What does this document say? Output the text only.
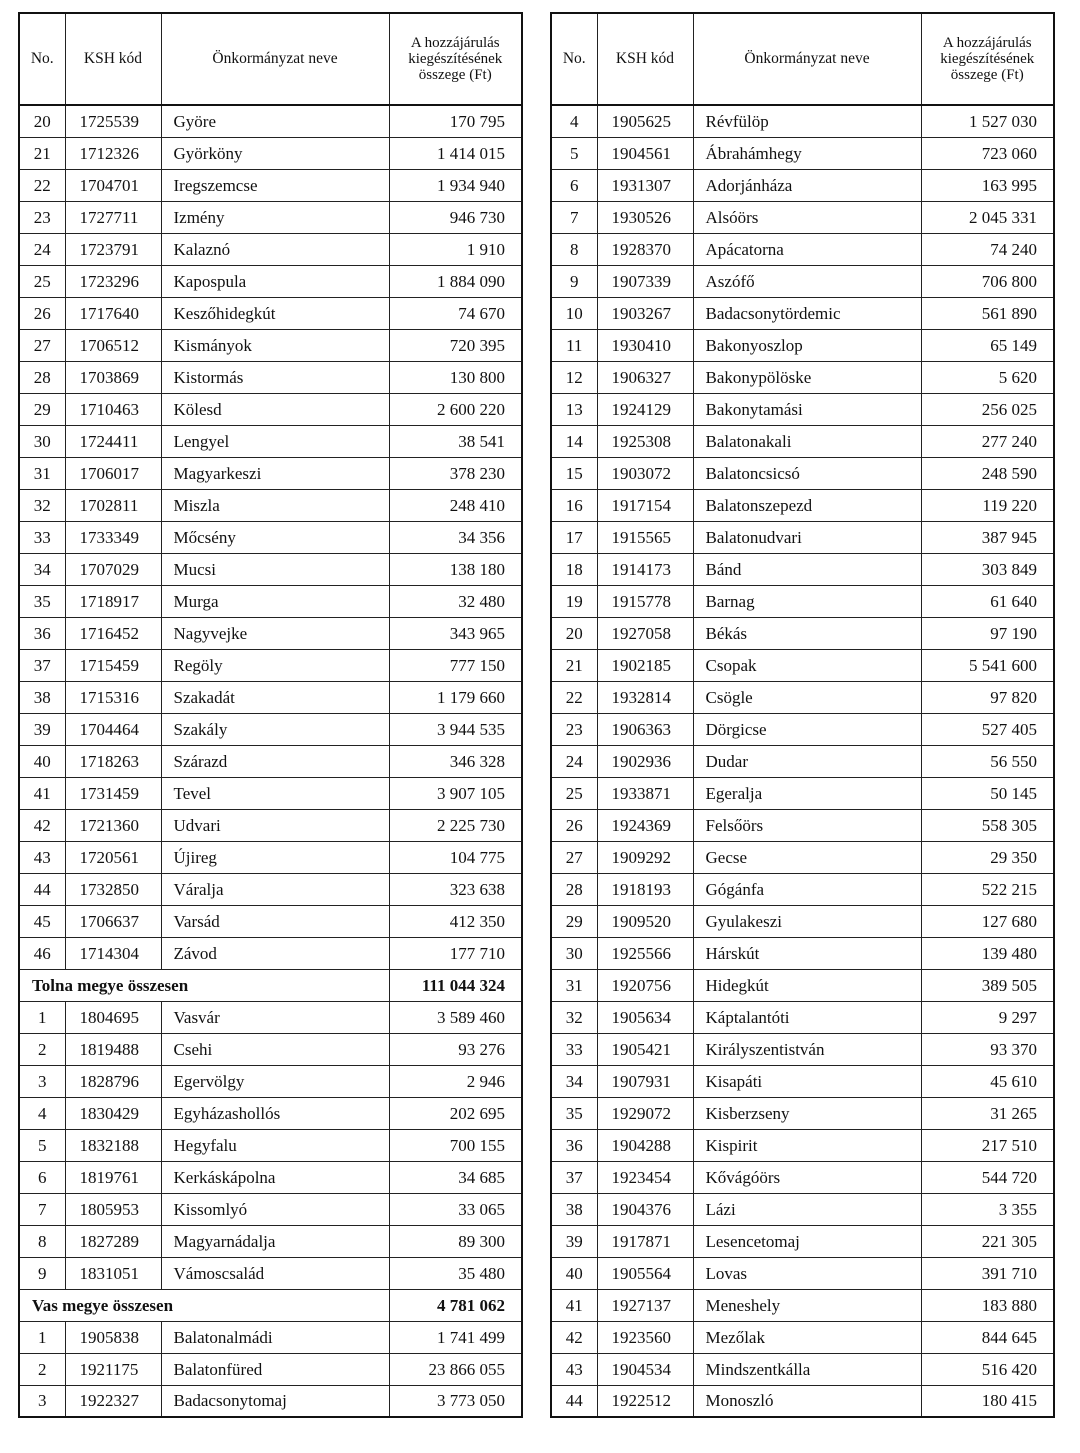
No.	KSH kód	Önkormányzat neve	A hozzájárulás kiegészítésének összege (Ft)
20	1725539	Györe	170 795
21	1712326	Györköny	1 414 015
22	1704701	Iregszemcse	1 934 940
23	1727711	Izmény	946 730
24	1723791	Kalaznó	1 910
25	1723296	Kapospula	1 884 090
26	1717640	Keszőhidegkút	74 670
27	1706512	Kismányok	720 395
28	1703869	Kistormás	130 800
29	1710463	Kölesd	2 600 220
30	1724411	Lengyel	38 541
31	1706017	Magyarkeszi	378 230
32	1702811	Miszla	248 410
33	1733349	Mőcsény	34 356
34	1707029	Mucsi	138 180
35	1718917	Murga	32 480
36	1716452	Nagyvejke	343 965
37	1715459	Regöly	777 150
38	1715316	Szakadát	1 179 660
39	1704464	Szakály	3 944 535
40	1718263	Szárazd	346 328
41	1731459	Tevel	3 907 105
42	1721360	Udvari	2 225 730
43	1720561	Újireg	104 775
44	1732850	Váralja	323 638
45	1706637	Varsád	412 350
46	1714304	Závod	177 710
Tolna megye összesen			111 044 324
1	1804695	Vasvár	3 589 460
2	1819488	Csehi	93 276
3	1828796	Egervölgy	2 946
4	1830429	Egyházashollós	202 695
5	1832188	Hegyfalu	700 155
6	1819761	Kerkáskápolna	34 685
7	1805953	Kissomlyó	33 065
8	1827289	Magyarnádalja	89 300
9	1831051	Vámoscsalád	35 480
Vas megye összesen			4 781 062
1	1905838	Balatonalmádi	1 741 499
2	1921175	Balatonfüred	23 866 055
3	1922327	Badacsonytomaj	3 773 050
No.	KSH kód	Önkormányzat neve	A hozzájárulás kiegészítésének összege (Ft)
4	1905625	Révfülöp	1 527 030
5	1904561	Ábrahámhegy	723 060
6	1931307	Adorjánháza	163 995
7	1930526	Alsóörs	2 045 331
8	1928370	Apácatorna	74 240
9	1907339	Aszófő	706 800
10	1903267	Badacsonytördemic	561 890
11	1930410	Bakonyoszlop	65 149
12	1906327	Bakonypölöske	5 620
13	1924129	Bakonytamási	256 025
14	1925308	Balatonakali	277 240
15	1903072	Balatoncsicsó	248 590
16	1917154	Balatonszepezd	119 220
17	1915565	Balatonudvari	387 945
18	1914173	Bánd	303 849
19	1915778	Barnag	61 640
20	1927058	Békás	97 190
21	1902185	Csopak	5 541 600
22	1932814	Csögle	97 820
23	1906363	Dörgicse	527 405
24	1902936	Dudar	56 550
25	1933871	Egeralja	50 145
26	1924369	Felsőörs	558 305
27	1909292	Gecse	29 350
28	1918193	Gógánfa	522 215
29	1909520	Gyulakeszi	127 680
30	1925566	Hárskút	139 480
31	1920756	Hidegkút	389 505
32	1905634	Káptalantóti	9 297
33	1905421	Királyszentistván	93 370
34	1907931	Kisapáti	45 610
35	1929072	Kisberzseny	31 265
36	1904288	Kispirit	217 510
37	1923454	Kővágóörs	544 720
38	1904376	Lázi	3 355
39	1917871	Lesencetomaj	221 305
40	1905564	Lovas	391 710
41	1927137	Meneshely	183 880
42	1923560	Mezőlak	844 645
43	1904534	Mindszentkálla	516 420
44	1922512	Monoszló	180 415
